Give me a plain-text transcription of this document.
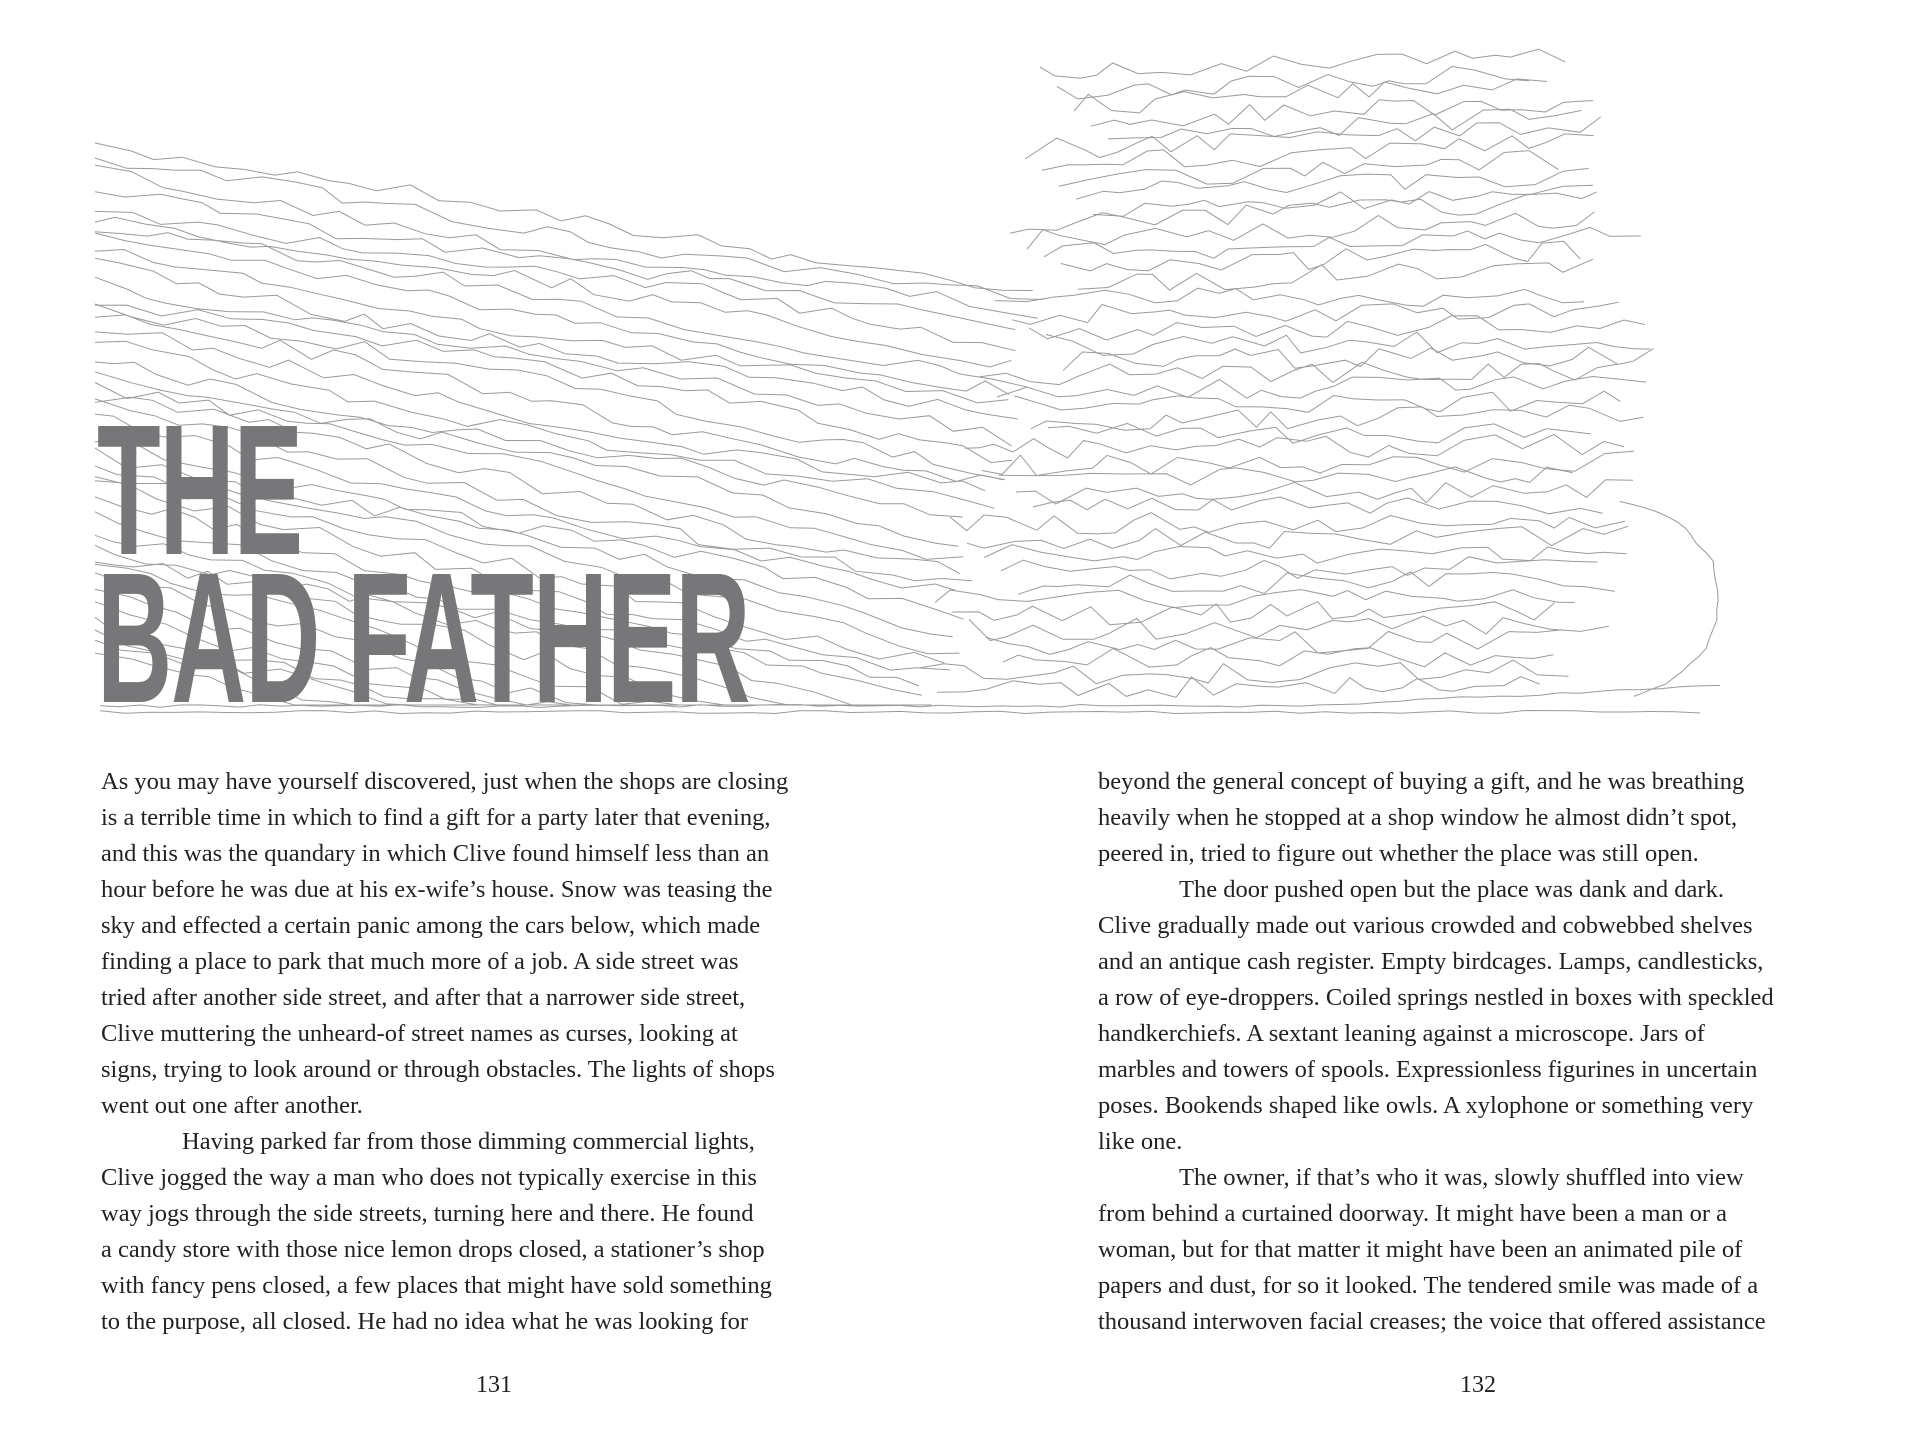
THE
BAD FATHER
As you may have yourself discovered, just when the shops are closing
is a terrible time in which to find a gift for a party later that evening,
and this was the quandary in which Clive found himself less than an
hour before he was due at his ex-wife’s house. Snow was teasing the
sky and effected a certain panic among the cars below, which made
finding a place to park that much more of a job. A side street was
tried after another side street, and after that a narrower side street,
Clive muttering the unheard-of street names as curses, looking at
signs, trying to look around or through obstacles. The lights of shops
went out one after another.
Having parked far from those dimming commercial lights,
Clive jogged the way a man who does not typically exercise in this
way jogs through the side streets, turning here and there. He found
a candy store with those nice lemon drops closed, a stationer’s shop
with fancy pens closed, a few places that might have sold something
to the purpose, all closed. He had no idea what he was looking for
beyond the general concept of buying a gift, and he was breathing
heavily when he stopped at a shop window he almost didn’t spot,
peered in, tried to figure out whether the place was still open.
The door pushed open but the place was dank and dark.
Clive gradually made out various crowded and cobwebbed shelves
and an antique cash register. Empty birdcages. Lamps, candlesticks,
a row of eye-droppers. Coiled springs nestled in boxes with speckled
handkerchiefs. A sextant leaning against a microscope. Jars of
marbles and towers of spools. Expressionless figurines in uncertain
poses. Bookends shaped like owls. A xylophone or something very
like one.
The owner, if that’s who it was, slowly shuffled into view
from behind a curtained doorway. It might have been a man or a
woman, but for that matter it might have been an animated pile of
papers and dust, for so it looked. The tendered smile was made of a
thousand interwoven facial creases; the voice that offered assistance
131	132
